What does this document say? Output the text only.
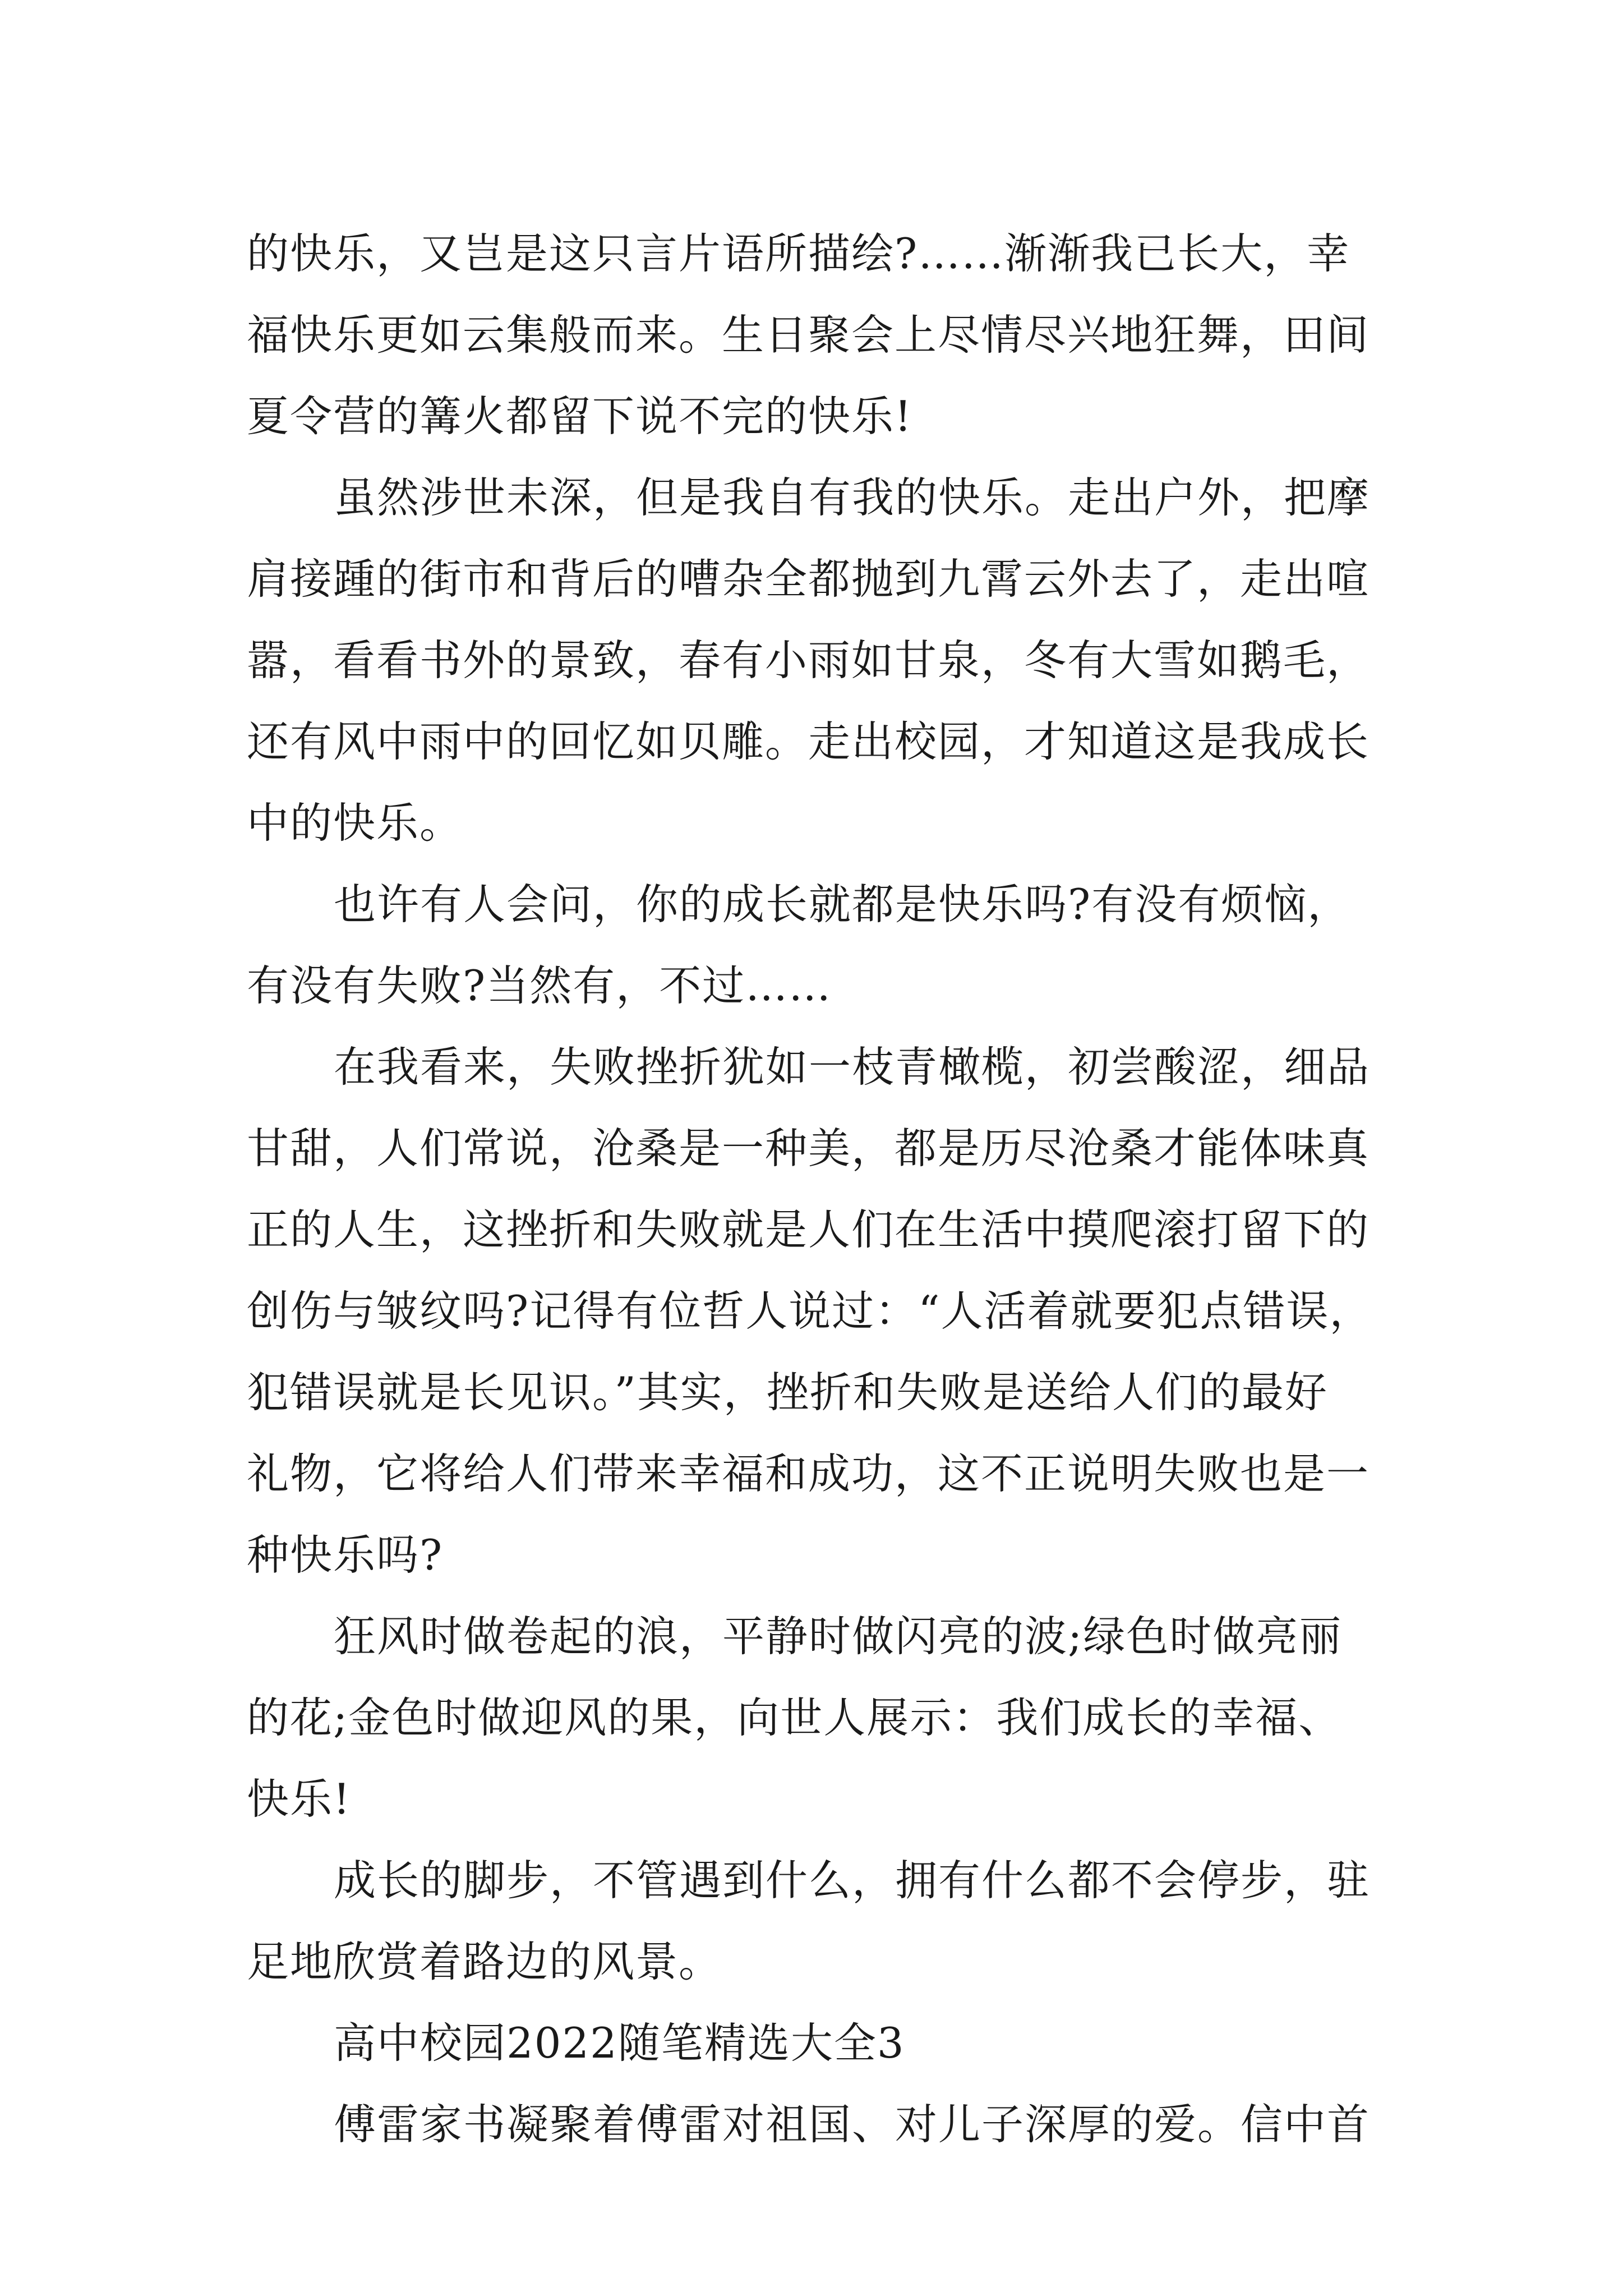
的快乐，又岂是这只言片语所描绘?……渐渐我已长大，幸
福快乐更如云集般而来。生日聚会上尽情尽兴地狂舞，田间
夏令营的篝火都留下说不完的快乐!

虽然涉世未深，但是我自有我的快乐。走出户外，把摩
肩接踵的街市和背后的嘈杂全都抛到九霄云外去了，走出喧
嚣，看看书外的景致，春有小雨如甘泉，冬有大雪如鹅毛，
还有风中雨中的回忆如贝雕。走出校园，才知道这是我成长
中的快乐。

也许有人会问，你的成长就都是快乐吗?有没有烦恼，
有没有失败?当然有，不过……

在我看来，失败挫折犹如一枝青橄榄，初尝酸涩，细品
甘甜，人们常说，沧桑是一种美，都是历尽沧桑才能体味真
正的人生，这挫折和失败就是人们在生活中摸爬滚打留下的
创伤与皱纹吗?记得有位哲人说过：“人活着就要犯点错误，
犯错误就是长见识。”其实，挫折和失败是送给人们的最好
礼物，它将给人们带来幸福和成功，这不正说明失败也是一
种快乐吗?

狂风时做卷起的浪，平静时做闪亮的波;绿色时做亮丽
的花;金色时做迎风的果，向世人展示：我们成长的幸福、
快乐!

成长的脚步，不管遇到什么，拥有什么都不会停步，驻
足地欣赏着路边的风景。

高中校园2022随笔精选大全3

傅雷家书凝聚着傅雷对祖国、对儿子深厚的爱。信中首
